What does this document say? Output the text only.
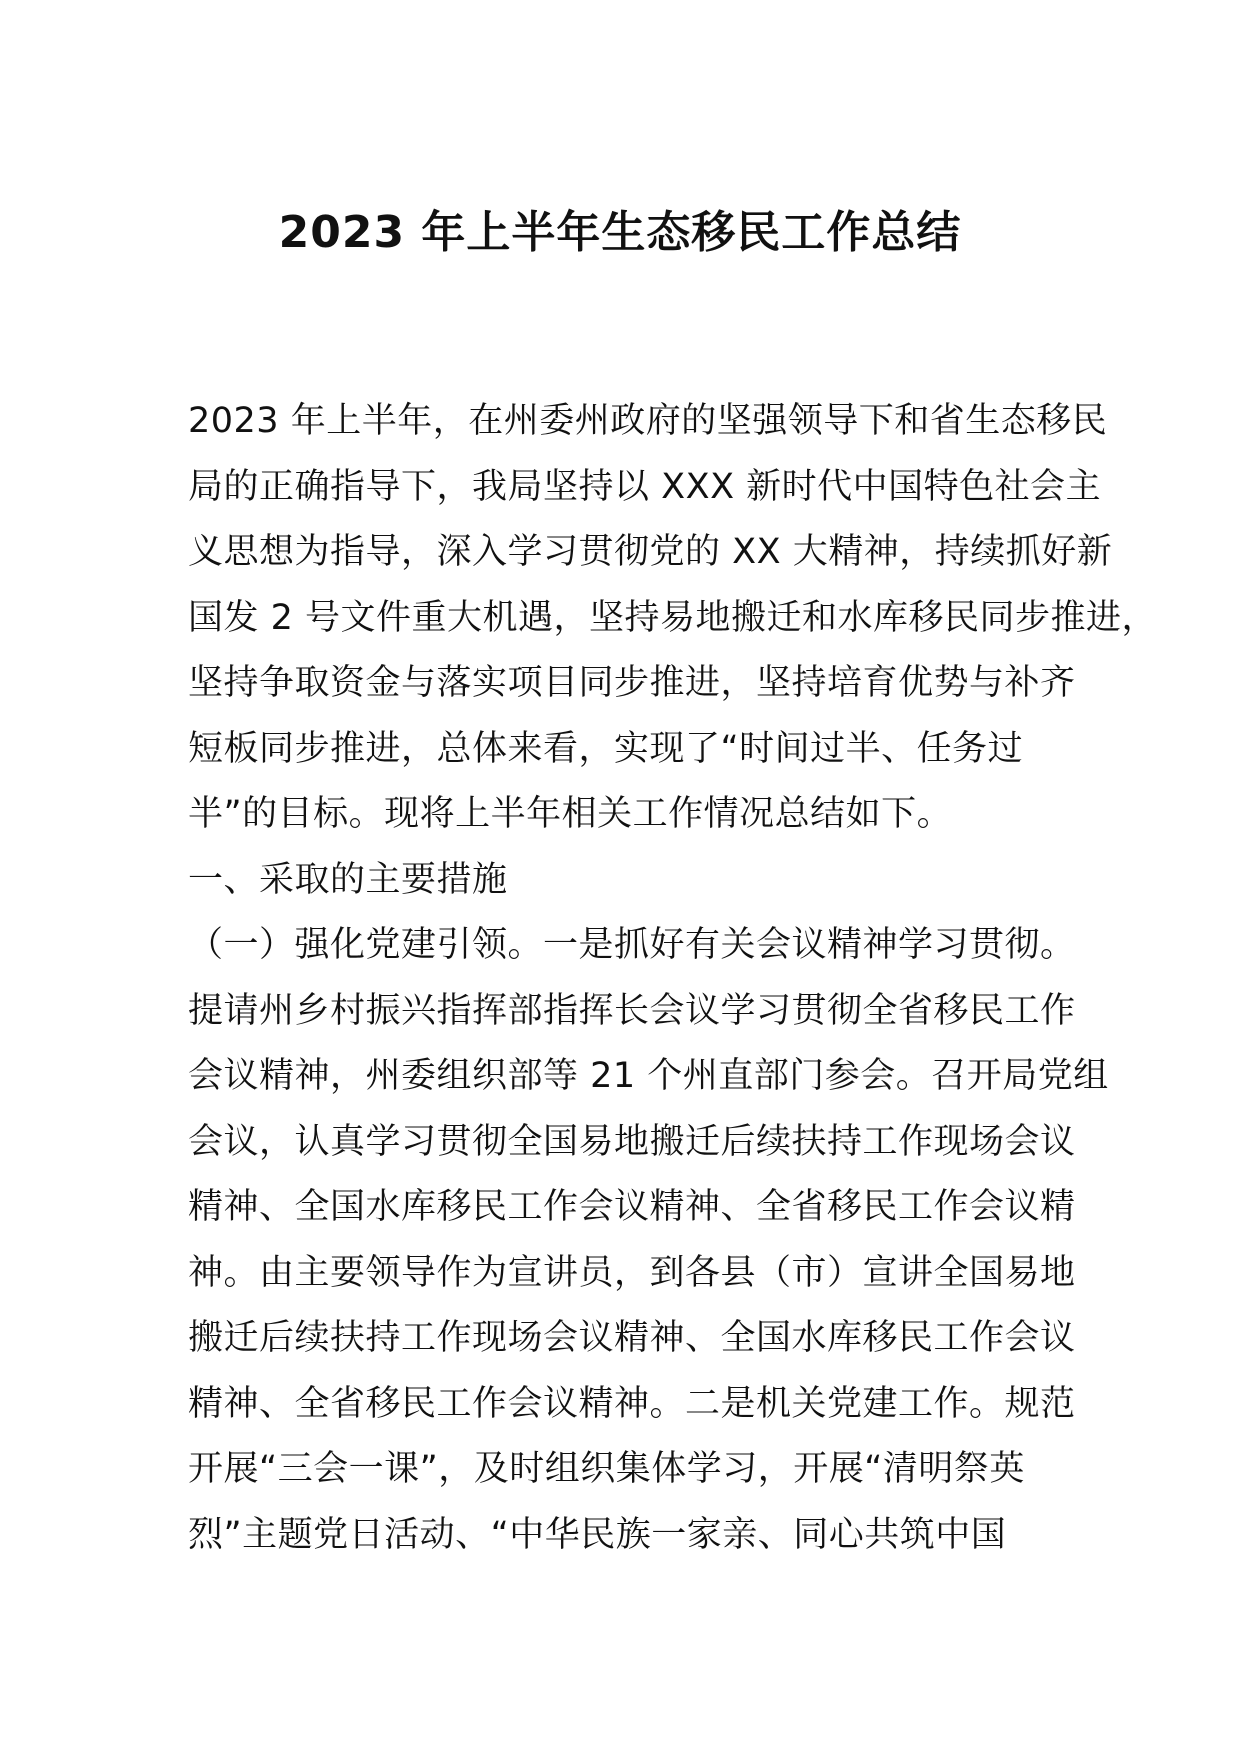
2023 年上半年生态移民工作总结
2023 年上半年，在州委州政府的坚强领导下和省生态移民
局的正确指导下，我局坚持以 XXX 新时代中国特色社会主
义思想为指导，深入学习贯彻党的 XX 大精神，持续抓好新
国发 2 号文件重大机遇，坚持易地搬迁和水库移民同步推进，
坚持争取资金与落实项目同步推进，坚持培育优势与补齐
短板同步推进，总体来看，实现了“时间过半、任务过
半”的目标。现将上半年相关工作情况总结如下。
一、采取的主要措施
（一）强化党建引领。一是抓好有关会议精神学习贯彻。
提请州乡村振兴指挥部指挥长会议学习贯彻全省移民工作
会议精神，州委组织部等 21 个州直部门参会。召开局党组
会议，认真学习贯彻全国易地搬迁后续扶持工作现场会议
精神、全国水库移民工作会议精神、全省移民工作会议精
神。由主要领导作为宣讲员，到各县（市）宣讲全国易地
搬迁后续扶持工作现场会议精神、全国水库移民工作会议
精神、全省移民工作会议精神。二是机关党建工作。规范
开展“三会一课”，及时组织集体学习，开展“清明祭英
烈”主题党日活动、“中华民族一家亲、同心共筑中国
